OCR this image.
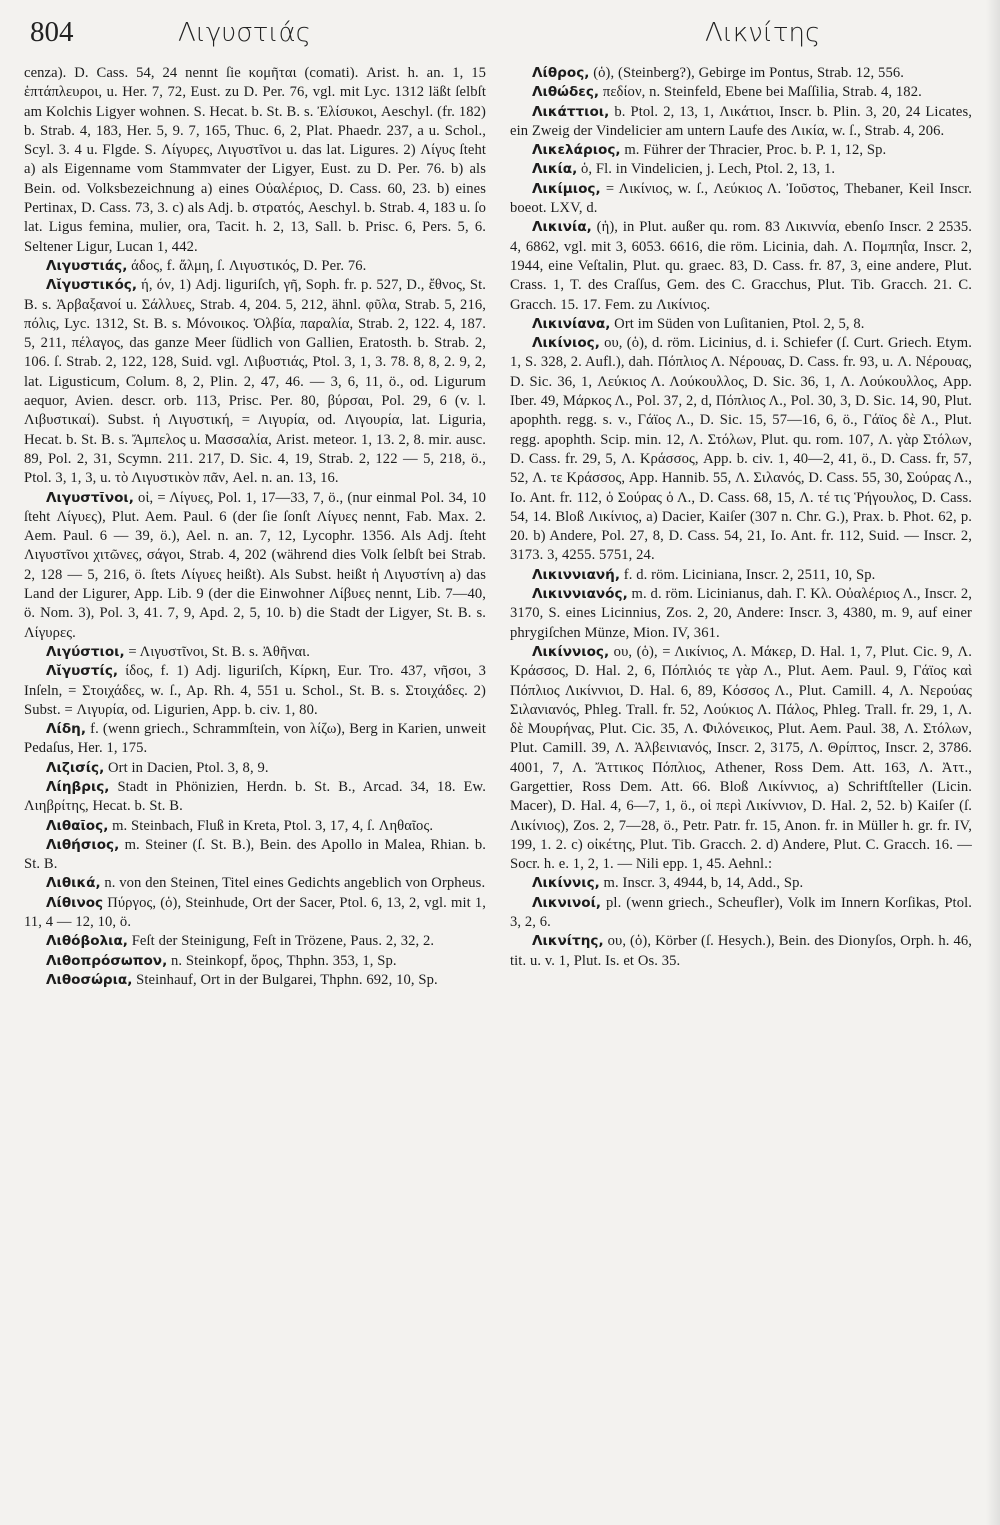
804	Λιγυστιάς	Λικνίτης

cenza). D. Cass. 54, 24 nennt ſie κομῆται (comati). Arist. h. an. 1, 15 ἑπτάπλευροι, u. Her. 7, 72, Eust. zu D. Per. 76, vgl. mit Lyc. 1312 läßt ſelbſt am Kolchis Ligyer wohnen. S. Hecat. b. St. B. s. Ἐλίσυκοι, Aeschyl. (fr. 182) b. Strab. 4, 183, Her. 5, 9. 7, 165, Thuc. 6, 2, Plat. Phaedr. 237, a u. Schol., Scyl. 3. 4 u. Flgde. S. Λίγυρες, Λιγυστῖνοι u. das lat. Ligures. 2) Λίγυς ſteht a) als Eigenname vom Stammvater der Ligyer, Eust. zu D. Per. 76. b) als Bein. od. Volksbezeichnung a) eines Οὐαλέριος, D. Cass. 60, 23. b) eines Pertinax, D. Cass. 73, 3. c) als Adj. b. στρατός, Aeschyl. b. Strab. 4, 183 u. ſo lat. Ligus femina, mulier, ora, Tacit. h. 2, 13, Sall. b. Prisc. 6, Pers. 5, 6. Seltener Ligur, Lucan 1, 442.

Λιγυστιάς, άδος, f. ἅλμη, ſ. Λιγυστικός, D. Per. 76.

Λῐγυστικός, ή, όν, 1) Adj. liguriſch, γῆ, Soph. fr. p. 527, D., ἔθνος, St. B. s. Ἀρβαξανοί u. Σάλλυες, Strab. 4, 204. 5, 212, ähnl. φῦλα, Strab. 5, 216, πόλις, Lyc. 1312, St. B. s. Μόνοικος. Ὀλβία, παραλία, Strab. 2, 122. 4, 187. 5, 211, πέλαγος, das ganze Meer ſüdlich von Gallien, Eratosth. b. Strab. 2, 106. ſ. Strab. 2, 122, 128, Suid. vgl. Λιβυστιάς, Ptol. 3, 1, 3. 78. 8, 8, 2. 9, 2, lat. Ligusticum, Colum. 8, 2, Plin. 2, 47, 46. — 3, 6, 11, ö., od. Ligurum aequor, Avien. descr. orb. 113, Prisc. Per. 80, βύρσαι, Pol. 29, 6 (v. l. Λιβυστικαί). Subst. ἡ Λιγυστική, = Λιγυρία, od. Λιγουρία, lat. Liguria, Hecat. b. St. B. s. Ἄμπελος u. Μασσαλία, Arist. meteor. 1, 13. 2, 8. mir. ausc. 89, Pol. 2, 31, Scymn. 211. 217, D. Sic. 4, 19, Strab. 2, 122 — 5, 218, ö., Ptol. 3, 1, 3, u. τὸ Λιγυστικὸν πᾶν, Ael. n. an. 13, 16.

Λιγυστῖνοι, οἱ, = Λίγυες, Pol. 1, 17—33, 7, ö., (nur einmal Pol. 34, 10 ſteht Λίγυες), Plut. Aem. Paul. 6 (der ſie ſonſt Λίγυες nennt, Fab. Max. 2. Aem. Paul. 6 — 39, ö.), Ael. n. an. 7, 12, Lycophr. 1356. Als Adj. ſteht Λιγυστῖνοι χιτῶνες, σάγοι, Strab. 4, 202 (während dies Volk ſelbſt bei Strab. 2, 128 — 5, 216, ö. ſtets Λίγυες heißt). Als Subst. heißt ἡ Λιγυστίνη a) das Land der Ligurer, App. Lib. 9 (der die Einwohner Λίβυες nennt, Lib. 7—40, ö. Nom. 3), Pol. 3, 41. 7, 9, Apd. 2, 5, 10. b) die Stadt der Ligyer, St. B. s. Λίγυρες.

Λιγύστιοι, = Λιγυστῖνοι, St. B. s. Ἀθῆναι.

Λῐγυστίς, ίδος, f. 1) Adj. liguriſch, Κίρκη, Eur. Tro. 437, νῆσοι, 3 Inſeln, = Στοιχάδες, w. ſ., Ap. Rh. 4, 551 u. Schol., St. B. s. Στοιχάδες. 2) Subst. = Λιγυρία, od. Ligurien, App. b. civ. 1, 80.

Λίδη, f. (wenn griech., Schrammſtein, von λίζω), Berg in Karien, unweit Pedaſus, Her. 1, 175.

Λιζισίς, Ort in Dacien, Ptol. 3, 8, 9.

Λίηβρις, Stadt in Phönizien, Herdn. b. St. B., Arcad. 34, 18. Ew. Λιηβρίτης, Hecat. b. St. B.

Λιθαῖος, m. Steinbach, Fluß in Kreta, Ptol. 3, 17, 4, ſ. Ληθαῖος.

Λιθήσιος, m. Steiner (ſ. St. B.), Bein. des Apollo in Malea, Rhian. b. St. B.

Λιθικά, n. von den Steinen, Titel eines Gedichts angeblich von Orpheus.

Λίθινος Πύργος, (ὁ), Steinhude, Ort der Sacer, Ptol. 6, 13, 2, vgl. mit 1, 11, 4 — 12, 10, ö.

Λιθόβολια, Feſt der Steinigung, Feſt in Trözene, Paus. 2, 32, 2.

Λιθοπρόσωπον, n. Steinkopf, ὄρος, Thphn. 353, 1, Sp.

Λιθοσώρια, Steinhauf, Ort in der Bulgarei, Thphn. 692, 10, Sp.

Λίθρος, (ὁ), (Steinberg?), Gebirge im Pontus, Strab. 12, 556.

Λιθώδες, πεδίον, n. Steinfeld, Ebene bei Maſſilia, Strab. 4, 182.

Λικάττιοι, b. Ptol. 2, 13, 1, Λικάτιοι, Inscr. b. Plin. 3, 20, 24 Licates, ein Zweig der Vindelicier am untern Laufe des Λικία, w. ſ., Strab. 4, 206.

Λικελάριος, m. Führer der Thracier, Proc. b. P. 1, 12, Sp.

Λικία, ὁ, Fl. in Vindelicien, j. Lech, Ptol. 2, 13, 1.

Λικίμιος, = Λικίνιος, w. ſ., Λεύκιος Λ. Ἰοῦστος, Thebaner, Keil Inscr. boeot. LXV, d.

Λικινία, (ἡ), in Plut. außer qu. rom. 83 Λικιννία, ebenſo Inscr. 2 2535. 4, 6862, vgl. mit 3, 6053. 6616, die röm. Licinia, dah. Λ. Πομπηΐα, Inscr. 2, 1944, eine Veſtalin, Plut. qu. graec. 83, D. Cass. fr. 87, 3, eine andere, Plut. Crass. 1, T. des Craſſus, Gem. des C. Gracchus, Plut. Tib. Gracch. 21. C. Gracch. 15. 17. Fem. zu Λικίνιος.

Λικινίανα, Ort im Süden von Luſitanien, Ptol. 2, 5, 8.

Λικίνιος, ου, (ὁ), d. röm. Licinius, d. i. Schiefer (ſ. Curt. Griech. Etym. 1, S. 328, 2. Aufl.), dah. Πόπλιος Λ. Νέρουας, D. Cass. fr. 93, u. Λ. Νέρουας, D. Sic. 36, 1, Λεύκιος Λ. Λούκουλλος, D. Sic. 36, 1, Λ. Λούκουλλος, App. Iber. 49, Μάρκος Λ., Pol. 37, 2, d, Πόπλιος Λ., Pol. 30, 3, D. Sic. 14, 90, Plut. apophth. regg. s. v., Γάϊος Λ., D. Sic. 15, 57—16, 6, ö., Γάϊος δὲ Λ., Plut. regg. apophth. Scip. min. 12, Λ. Στόλων, Plut. qu. rom. 107, Λ. γὰρ Στόλων, D. Cass. fr. 29, 5, Λ. Κράσσος, App. b. civ. 1, 40—2, 41, ö., D. Cass. fr, 57, 52, Λ. τε Κράσσος, App. Hannib. 55, Λ. Σιλανός, D. Cass. 55, 30, Σούρας Λ., Io. Ant. fr. 112, ὁ Σούρας ὁ Λ., D. Cass. 68, 15, Λ. τέ τις Ῥήγουλος, D. Cass. 54, 14. Bloß Λικίνιος, a) Dacier, Kaiſer (307 n. Chr. G.), Prax. b. Phot. 62, p. 20. b) Andere, Pol. 27, 8, D. Cass. 54, 21, Io. Ant. fr. 112, Suid. — Inscr. 2, 3173. 3, 4255. 5751, 24.

Λικιννιανή, f. d. röm. Liciniana, Inscr. 2, 2511, 10, Sp.

Λικιννιανός, m. d. röm. Licinianus, dah. Γ. Κλ. Οὐαλέριος Λ., Inscr. 2, 3170, S. eines Licinnius, Zos. 2, 20, Andere: Inscr. 3, 4380, m. 9, auf einer phrygiſchen Münze, Mion. IV, 361.

Λικίννιος, ου, (ὁ), = Λικίνιος, Λ. Μάκερ, D. Hal. 1, 7, Plut. Cic. 9, Λ. Κράσσος, D. Hal. 2, 6, Πόπλιός τε γὰρ Λ., Plut. Aem. Paul. 9, Γάϊος καὶ Πόπλιος Λικίννιοι, D. Hal. 6, 89, Κόσσος Λ., Plut. Camill. 4, Λ. Νερούας Σιλανιανός, Phleg. Trall. fr. 52, Λούκιος Λ. Πάλος, Phleg. Trall. fr. 29, 1, Λ. δὲ Μουρήνας, Plut. Cic. 35, Λ. Φιλόνεικος, Plut. Aem. Paul. 38, Λ. Στόλων, Plut. Camill. 39, Λ. Ἀλβεινιανός, Inscr. 2, 3175, Λ. Θρίπτος, Inscr. 2, 3786. 4001, 7, Λ. Ἄττικος Πόπλιος, Athener, Ross Dem. Att. 163, Λ. Ἀττ., Gargettier, Ross Dem. Att. 66. Bloß Λικίννιος, a) Schriftſteller (Licin. Macer), D. Hal. 4, 6—7, 1, ö., οἱ περὶ Λικίννιον, D. Hal. 2, 52. b) Kaiſer (ſ. Λικίνιος), Zos. 2, 7—28, ö., Petr. Patr. fr. 15, Anon. fr. in Müller h. gr. fr. IV, 199, 1. 2. c) οἰκέτης, Plut. Tib. Gracch. 2. d) Andere, Plut. C. Gracch. 16. — Socr. h. e. 1, 2, 1. — Nili epp. 1, 45. Aehnl.:

Λικίννις, m. Inscr. 3, 4944, b, 14, Add., Sp.

Λικνινοί, pl. (wenn griech., Scheufler), Volk im Innern Korſikas, Ptol. 3, 2, 6.

Λικνίτης, ου, (ὁ), Körber (ſ. Hesych.), Bein. des Dionyſos, Orph. h. 46, tit. u. v. 1, Plut. Is. et Os. 35.
